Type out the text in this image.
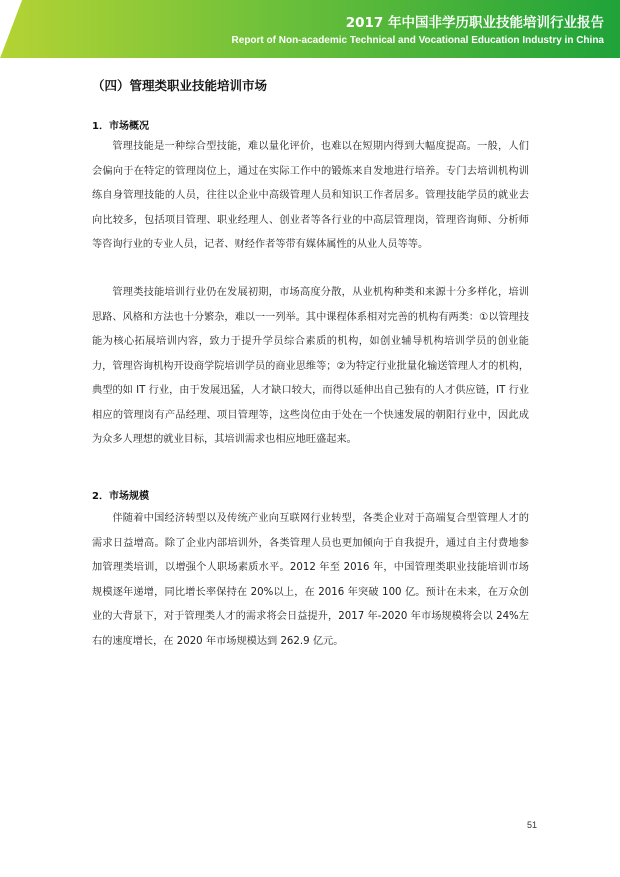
2017 年中国非学历职业技能培训行业报告
Report of Non-academic Technical and Vocational Education Industry in China
（四）管理类职业技能培训市场
1．市场概况

管理技能是一种综合型技能，难以量化评价，也难以在短期内得到大幅度提高。一般，人们会偏向于在特定的管理岗位上，通过在实际工作中的锻炼来自发地进行培养。专门去培训机构训练自身管理技能的人员，往往以企业中高级管理人员和知识工作者居多。管理技能学员的就业去向比较多，包括项目管理、职业经理人、创业者等各行业的中高层管理岗，管理咨询师、分析师等咨询行业的专业人员，记者、财经作者等带有媒体属性的从业人员等等。

管理类技能培训行业仍在发展初期，市场高度分散，从业机构种类和来源十分多样化，培训思路、风格和方法也十分繁杂，难以一一列举。其中课程体系相对完善的机构有两类：①以管理技能为核心拓展培训内容，致力于提升学员综合素质的机构，如创业辅导机构培训学员的创业能力，管理咨询机构开设商学院培训学员的商业思维等；②为特定行业批量化输送管理人才的机构，典型的如 IT 行业，由于发展迅猛，人才缺口较大，而得以延伸出自己独有的人才供应链，IT 行业相应的管理岗有产品经理、项目管理等，这些岗位由于处在一个快速发展的朝阳行业中，因此成为众多人理想的就业目标，其培训需求也相应地旺盛起来。

2．市场规模

伴随着中国经济转型以及传统产业向互联网行业转型，各类企业对于高端复合型管理人才的需求日益增高。除了企业内部培训外，各类管理人员也更加倾向于自我提升，通过自主付费地参加管理类培训，以增强个人职场素质水平。2012 年至 2016 年，中国管理类职业技能培训市场规模逐年递增，同比增长率保持在 20%以上，在 2016 年突破 100 亿。预计在未来，在万众创业的大背景下，对于管理类人才的需求将会日益提升，2017 年-2020 年市场规模将会以 24%左右的速度增长，在 2020 年市场规模达到 262.9 亿元。

51
